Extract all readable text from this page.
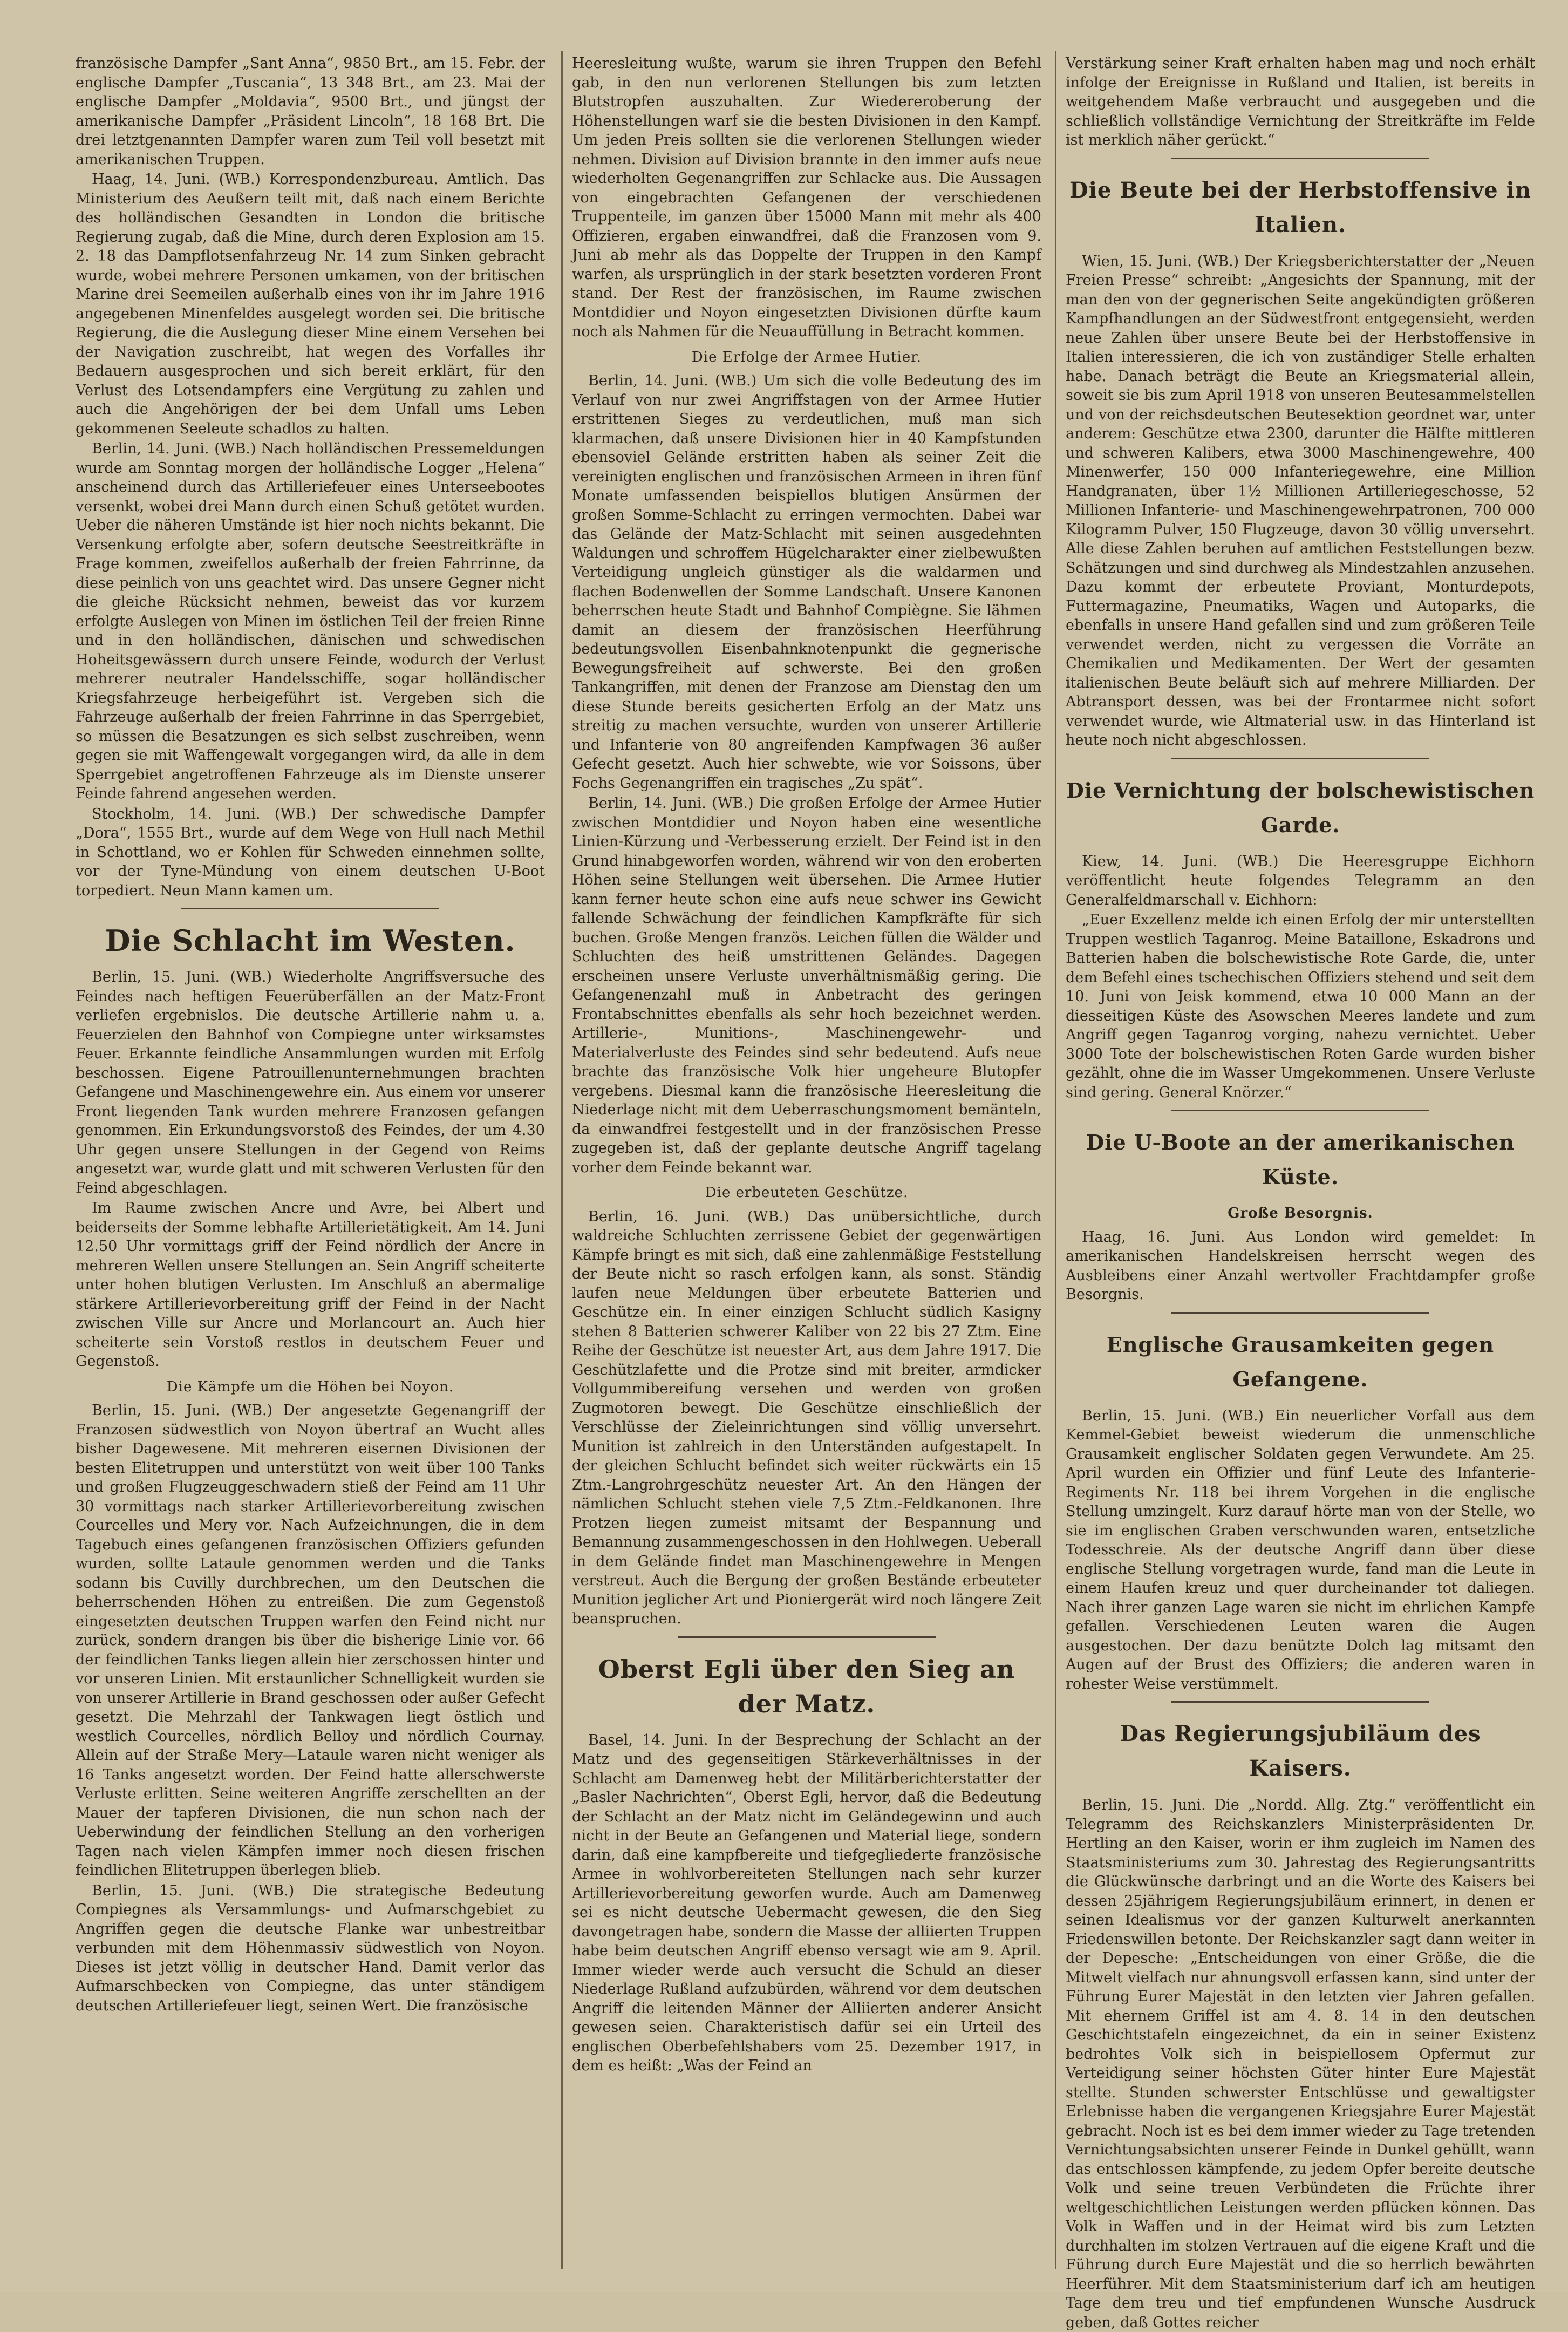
französische Dampfer „Sant Anna“, 9850 Brt., am 15. Febr. der englische Dampfer „Tuscania“, 13 348 Brt., am 23. Mai der englische Dampfer „Moldavia“, 9500 Brt., und jüngst der amerikanische Dampfer „Präsident Lincoln“, 18 168 Brt. Die drei letztgenannten Dampfer waren zum Teil voll besetzt mit amerikanischen Truppen.

Haag, 14. Juni. (WB.) Korrespondenzbureau. Amtlich. Das Ministerium des Aeußern teilt mit, daß nach einem Berichte des holländischen Gesandten in London die britische Regierung zugab, daß die Mine, durch deren Explosion am 15. 2. 18 das Dampflotsenfahrzeug Nr. 14 zum Sinken gebracht wurde, wobei mehrere Personen umkamen, von der britischen Marine drei Seemeilen außerhalb eines von ihr im Jahre 1916 angegebenen Minenfeldes ausgelegt worden sei. Die britische Regierung, die die Auslegung dieser Mine einem Versehen bei der Navigation zuschreibt, hat wegen des Vorfalles ihr Bedauern ausgesprochen und sich bereit erklärt, für den Verlust des Lotsendampfers eine Vergütung zu zahlen und auch die Angehörigen der bei dem Unfall ums Leben gekommenen Seeleute schadlos zu halten.

Berlin, 14. Juni. (WB.) Nach holländischen Pressemeldungen wurde am Sonntag morgen der holländische Logger „Helena“ anscheinend durch das Artilleriefeuer eines Unterseebootes versenkt, wobei drei Mann durch einen Schuß getötet wurden. Ueber die näheren Umstände ist hier noch nichts bekannt. Die Versenkung erfolgte aber, sofern deutsche Seestreitkräfte in Frage kommen, zweifellos außerhalb der freien Fahrrinne, da diese peinlich von uns geachtet wird. Das unsere Gegner nicht die gleiche Rücksicht nehmen, beweist das vor kurzem erfolgte Auslegen von Minen im östlichen Teil der freien Rinne und in den holländischen, dänischen und schwedischen Hoheitsgewässern durch unsere Feinde, wodurch der Verlust mehrerer neutraler Handelsschiffe, sogar holländischer Kriegsfahrzeuge herbeigeführt ist. Vergeben sich die Fahrzeuge außerhalb der freien Fahrrinne in das Sperrgebiet, so müssen die Besatzungen es sich selbst zuschreiben, wenn gegen sie mit Waffengewalt vorgegangen wird, da alle in dem Sperrgebiet angetroffenen Fahrzeuge als im Dienste unserer Feinde fahrend angesehen werden.

Stockholm, 14. Juni. (WB.) Der schwedische Dampfer „Dora“, 1555 Brt., wurde auf dem Wege von Hull nach Methil in Schottland, wo er Kohlen für Schweden einnehmen sollte, vor der Tyne-Mündung von einem deutschen U-Boot torpediert. Neun Mann kamen um.

Die Schlacht im Westen.

Berlin, 15. Juni. (WB.) Wiederholte Angriffsversuche des Feindes nach heftigen Feuerüberfällen an der Matz-Front verliefen ergebnislos. Die deutsche Artillerie nahm u. a. Feuerzielen den Bahnhof von Compiegne unter wirksamstes Feuer. Erkannte feindliche Ansammlungen wurden mit Erfolg beschossen. Eigene Patrouillenunternehmungen brachten Gefangene und Maschinengewehre ein. Aus einem vor unserer Front liegenden Tank wurden mehrere Franzosen gefangen genommen. Ein Erkundungsvorstoß des Feindes, der um 4.30 Uhr gegen unsere Stellungen in der Gegend von Reims angesetzt war, wurde glatt und mit schweren Verlusten für den Feind abgeschlagen.

Im Raume zwischen Ancre und Avre, bei Albert und beiderseits der Somme lebhafte Artillerietätigkeit. Am 14. Juni 12.50 Uhr vormittags griff der Feind nördlich der Ancre in mehreren Wellen unsere Stellungen an. Sein Angriff scheiterte unter hohen blutigen Verlusten. Im Anschluß an abermalige stärkere Artillerievorbereitung griff der Feind in der Nacht zwischen Ville sur Ancre und Morlancourt an. Auch hier scheiterte sein Vorstoß restlos in deutschem Feuer und Gegenstoß.

Die Kämpfe um die Höhen bei Noyon.

Berlin, 15. Juni. (WB.) Der angesetzte Gegenangriff der Franzosen südwestlich von Noyon übertraf an Wucht alles bisher Dagewesene. Mit mehreren eisernen Divisionen der besten Elitetruppen und unterstützt von weit über 100 Tanks und großen Flugzeuggeschwadern stieß der Feind am 11 Uhr 30 vormittags nach starker Artillerievorbereitung zwischen Courcelles und Mery vor. Nach Aufzeichnungen, die in dem Tagebuch eines gefangenen französischen Offiziers gefunden wurden, sollte Lataule genommen werden und die Tanks sodann bis Cuvilly durchbrechen, um den Deutschen die beherrschenden Höhen zu entreißen. Die zum Gegenstoß eingesetzten deutschen Truppen warfen den Feind nicht nur zurück, sondern drangen bis über die bisherige Linie vor. 66 der feindlichen Tanks liegen allein hier zerschossen hinter und vor unseren Linien. Mit erstaunlicher Schnelligkeit wurden sie von unserer Artillerie in Brand geschossen oder außer Gefecht gesetzt. Die Mehrzahl der Tankwagen liegt östlich und westlich Courcelles, nördlich Belloy und nördlich Cournay. Allein auf der Straße Mery—Lataule waren nicht weniger als 16 Tanks angesetzt worden. Der Feind hatte allerschwerste Verluste erlitten. Seine weiteren Angriffe zerschellten an der Mauer der tapferen Divisionen, die nun schon nach der Ueberwindung der feindlichen Stellung an den vorherigen Tagen nach vielen Kämpfen immer noch diesen frischen feindlichen Elitetruppen überlegen blieb.

Berlin, 15. Juni. (WB.) Die strategische Bedeutung Compiegnes als Versammlungs- und Aufmarschgebiet zu Angriffen gegen die deutsche Flanke war unbestreitbar verbunden mit dem Höhenmassiv südwestlich von Noyon. Dieses ist jetzt völlig in deutscher Hand. Damit verlor das Aufmarschbecken von Compiegne, das unter ständigem deutschen Artilleriefeuer liegt, seinen Wert. Die französische

Heeresleitung wußte, warum sie ihren Truppen den Befehl gab, in den nun verlorenen Stellungen bis zum letzten Blutstropfen auszuhalten. Zur Wiedereroberung der Höhenstellungen warf sie die besten Divisionen in den Kampf. Um jeden Preis sollten sie die verlorenen Stellungen wieder nehmen. Division auf Division brannte in den immer aufs neue wiederholten Gegenangriffen zur Schlacke aus. Die Aussagen von eingebrachten Gefangenen der verschiedenen Truppenteile, im ganzen über 15000 Mann mit mehr als 400 Offizieren, ergaben einwandfrei, daß die Franzosen vom 9. Juni ab mehr als das Doppelte der Truppen in den Kampf warfen, als ursprünglich in der stark besetzten vorderen Front stand. Der Rest der französischen, im Raume zwischen Montdidier und Noyon eingesetzten Divisionen dürfte kaum noch als Nahmen für die Neuauffüllung in Betracht kommen.

Die Erfolge der Armee Hutier.

Berlin, 14. Juni. (WB.) Um sich die volle Bedeutung des im Verlauf von nur zwei Angriffstagen von der Armee Hutier erstrittenen Sieges zu verdeutlichen, muß man sich klarmachen, daß unsere Divisionen hier in 40 Kampfstunden ebensoviel Gelände erstritten haben als seiner Zeit die vereinigten englischen und französischen Armeen in ihren fünf Monate umfassenden beispiellos blutigen Ansürmen der großen Somme-Schlacht zu erringen vermochten. Dabei war das Gelände der Matz-Schlacht mit seinen ausgedehnten Waldungen und schroffem Hügelcharakter einer zielbewußten Verteidigung ungleich günstiger als die waldarmen und flachen Bodenwellen der Somme Landschaft. Unsere Kanonen beherrschen heute Stadt und Bahnhof Compiègne. Sie lähmen damit an diesem der französischen Heerführung bedeutungsvollen Eisenbahnknotenpunkt die gegnerische Bewegungsfreiheit auf schwerste. Bei den großen Tankangriffen, mit denen der Franzose am Dienstag den um diese Stunde bereits gesicherten Erfolg an der Matz uns streitig zu machen versuchte, wurden von unserer Artillerie und Infanterie von 80 angreifenden Kampfwagen 36 außer Gefecht gesetzt. Auch hier schwebte, wie vor Soissons, über Fochs Gegenangriffen ein tragisches „Zu spät“.

Berlin, 14. Juni. (WB.) Die großen Erfolge der Armee Hutier zwischen Montdidier und Noyon haben eine wesentliche Linien-Kürzung und -Verbesserung erzielt. Der Feind ist in den Grund hinabgeworfen worden, während wir von den eroberten Höhen seine Stellungen weit übersehen. Die Armee Hutier kann ferner heute schon eine aufs neue schwer ins Gewicht fallende Schwächung der feindlichen Kampfkräfte für sich buchen. Große Mengen französ. Leichen füllen die Wälder und Schluchten des heiß umstrittenen Geländes. Dagegen erscheinen unsere Verluste unverhältnismäßig gering. Die Gefangenenzahl muß in Anbetracht des geringen Frontabschnittes ebenfalls als sehr hoch bezeichnet werden. Artillerie-, Munitions-, Maschinengewehr- und Materialverluste des Feindes sind sehr bedeutend. Aufs neue brachte das französische Volk hier ungeheure Blutopfer vergebens. Diesmal kann die französische Heeresleitung die Niederlage nicht mit dem Ueberraschungsmoment bemänteln, da einwandfrei festgestellt und in der französischen Presse zugegeben ist, daß der geplante deutsche Angriff tagelang vorher dem Feinde bekannt war.

Die erbeuteten Geschütze.

Berlin, 16. Juni. (WB.) Das unübersichtliche, durch waldreiche Schluchten zerrissene Gebiet der gegenwärtigen Kämpfe bringt es mit sich, daß eine zahlenmäßige Feststellung der Beute nicht so rasch erfolgen kann, als sonst. Ständig laufen neue Meldungen über erbeutete Batterien und Geschütze ein. In einer einzigen Schlucht südlich Kasigny stehen 8 Batterien schwerer Kaliber von 22 bis 27 Ztm. Eine Reihe der Geschütze ist neuester Art, aus dem Jahre 1917. Die Geschützlafette und die Protze sind mit breiter, armdicker Vollgummibereifung versehen und werden von großen Zugmotoren bewegt. Die Geschütze einschließlich der Verschlüsse der Zieleinrichtungen sind völlig unversehrt. Munition ist zahlreich in den Unterständen aufgestapelt. In der gleichen Schlucht befindet sich weiter rückwärts ein 15 Ztm.-Langrohrgeschütz neuester Art. An den Hängen der nämlichen Schlucht stehen viele 7,5 Ztm.-Feldkanonen. Ihre Protzen liegen zumeist mitsamt der Bespannung und Bemannung zusammengeschossen in den Hohlwegen. Ueberall in dem Gelände findet man Maschinengewehre in Mengen verstreut. Auch die Bergung der großen Bestände erbeuteter Munition jeglicher Art und Pioniergerät wird noch längere Zeit beanspruchen.

Oberst Egli über den Sieg an der Matz.

Basel, 14. Juni. In der Besprechung der Schlacht an der Matz und des gegenseitigen Stärkeverhältnisses in der Schlacht am Damenweg hebt der Militärberichterstatter der „Basler Nachrichten“, Oberst Egli, hervor, daß die Bedeutung der Schlacht an der Matz nicht im Geländegewinn und auch nicht in der Beute an Gefangenen und Material liege, sondern darin, daß eine kampfbereite und tiefgegliederte französische Armee in wohlvorbereiteten Stellungen nach sehr kurzer Artillerievorbereitung geworfen wurde. Auch am Damenweg sei es nicht deutsche Uebermacht gewesen, die den Sieg davongetragen habe, sondern die Masse der alliierten Truppen habe beim deutschen Angriff ebenso versagt wie am 9. April. Immer wieder werde auch versucht die Schuld an dieser Niederlage Rußland aufzubürden, während vor dem deutschen Angriff die leitenden Männer der Alliierten anderer Ansicht gewesen seien. Charakteristisch dafür sei ein Urteil des englischen Oberbefehlshabers vom 25. Dezember 1917, in dem es heißt: „Was der Feind an

Verstärkung seiner Kraft erhalten haben mag und noch erhält infolge der Ereignisse in Rußland und Italien, ist bereits in weitgehendem Maße verbraucht und ausgegeben und die schließlich vollständige Vernichtung der Streitkräfte im Felde ist merklich näher gerückt.“

Die Beute bei der Herbstoffensive in Italien.

Wien, 15. Juni. (WB.) Der Kriegsberichterstatter der „Neuen Freien Presse“ schreibt: „Angesichts der Spannung, mit der man den von der gegnerischen Seite angekündigten größeren Kampfhandlungen an der Südwestfront entgegensieht, werden neue Zahlen über unsere Beute bei der Herbstoffensive in Italien interessieren, die ich von zuständiger Stelle erhalten habe. Danach beträgt die Beute an Kriegsmaterial allein, soweit sie bis zum April 1918 von unseren Beutesammelstellen und von der reichsdeutschen Beutesektion geordnet war, unter anderem: Geschütze etwa 2300, darunter die Hälfte mittleren und schweren Kalibers, etwa 3000 Maschinengewehre, 400 Minenwerfer, 150 000 Infanteriegewehre, eine Million Handgranaten, über 1½ Millionen Artilleriegeschosse, 52 Millionen Infanterie- und Maschinengewehrpatronen, 700 000 Kilogramm Pulver, 150 Flugzeuge, davon 30 völlig unversehrt. Alle diese Zahlen beruhen auf amtlichen Feststellungen bezw. Schätzungen und sind durchweg als Mindestzahlen anzusehen. Dazu kommt der erbeutete Proviant, Monturdepots, Futtermagazine, Pneumatiks, Wagen und Autoparks, die ebenfalls in unsere Hand gefallen sind und zum größeren Teile verwendet werden, nicht zu vergessen die Vorräte an Chemikalien und Medikamenten. Der Wert der gesamten italienischen Beute beläuft sich auf mehrere Milliarden. Der Abtransport dessen, was bei der Frontarmee nicht sofort verwendet wurde, wie Altmaterial usw. in das Hinterland ist heute noch nicht abgeschlossen.

Die Vernichtung der bolschewistischen Garde.

Kiew, 14. Juni. (WB.) Die Heeresgruppe Eichhorn veröffentlicht heute folgendes Telegramm an den Generalfeldmarschall v. Eichhorn:

„Euer Exzellenz melde ich einen Erfolg der mir unterstellten Truppen westlich Taganrog. Meine Bataillone, Eskadrons und Batterien haben die bolschewistische Rote Garde, die, unter dem Befehl eines tschechischen Offiziers stehend und seit dem 10. Juni von Jeisk kommend, etwa 10 000 Mann an der diesseitigen Küste des Asowschen Meeres landete und zum Angriff gegen Taganrog vorging, nahezu vernichtet. Ueber 3000 Tote der bolschewistischen Roten Garde wurden bisher gezählt, ohne die im Wasser Umgekommenen. Unsere Verluste sind gering. General Knörzer.“

Die U-Boote an der amerikanischen Küste.
Große Besorgnis.

Haag, 16. Juni. Aus London wird gemeldet: In amerikanischen Handelskreisen herrscht wegen des Ausbleibens einer Anzahl wertvoller Frachtdampfer große Besorgnis.

Englische Grausamkeiten gegen Gefangene.

Berlin, 15. Juni. (WB.) Ein neuerlicher Vorfall aus dem Kemmel-Gebiet beweist wiederum die unmenschliche Grausamkeit englischer Soldaten gegen Verwundete. Am 25. April wurden ein Offizier und fünf Leute des Infanterie-Regiments Nr. 118 bei ihrem Vorgehen in die englische Stellung umzingelt. Kurz darauf hörte man von der Stelle, wo sie im englischen Graben verschwunden waren, entsetzliche Todesschreie. Als der deutsche Angriff dann über diese englische Stellung vorgetragen wurde, fand man die Leute in einem Haufen kreuz und quer durcheinander tot daliegen. Nach ihrer ganzen Lage waren sie nicht im ehrlichen Kampfe gefallen. Verschiedenen Leuten waren die Augen ausgestochen. Der dazu benützte Dolch lag mitsamt den Augen auf der Brust des Offiziers; die anderen waren in rohester Weise verstümmelt.

Das Regierungsjubiläum des Kaisers.

Berlin, 15. Juni. Die „Nordd. Allg. Ztg.“ veröffentlicht ein Telegramm des Reichskanzlers Ministerpräsidenten Dr. Hertling an den Kaiser, worin er ihm zugleich im Namen des Staatsministeriums zum 30. Jahrestag des Regierungsantritts die Glückwünsche darbringt und an die Worte des Kaisers bei dessen 25jährigem Regierungsjubiläum erinnert, in denen er seinen Idealismus vor der ganzen Kulturwelt anerkannten Friedenswillen betonte. Der Reichskanzler sagt dann weiter in der Depesche: „Entscheidungen von einer Größe, die die Mitwelt vielfach nur ahnungsvoll erfassen kann, sind unter der Führung Eurer Majestät in den letzten vier Jahren gefallen. Mit ehernem Griffel ist am 4. 8. 14 in den deutschen Geschichtstafeln eingezeichnet, da ein in seiner Existenz bedrohtes Volk sich in beispiellosem Opfermut zur Verteidigung seiner höchsten Güter hinter Eure Majestät stellte. Stunden schwerster Entschlüsse und gewaltigster Erlebnisse haben die vergangenen Kriegsjahre Eurer Majestät gebracht. Noch ist es bei dem immer wieder zu Tage tretenden Vernichtungsabsichten unserer Feinde in Dunkel gehüllt, wann das entschlossen kämpfende, zu jedem Opfer bereite deutsche Volk und seine treuen Verbündeten die Früchte ihrer weltgeschichtlichen Leistungen werden pflücken können. Das Volk in Waffen und in der Heimat wird bis zum Letzten durchhalten im stolzen Vertrauen auf die eigene Kraft und die Führung durch Eure Majestät und die so herrlich bewährten Heerführer. Mit dem Staatsministerium darf ich am heutigen Tage dem treu und tief empfundenen Wunsche Ausdruck geben, daß Gottes reicher
